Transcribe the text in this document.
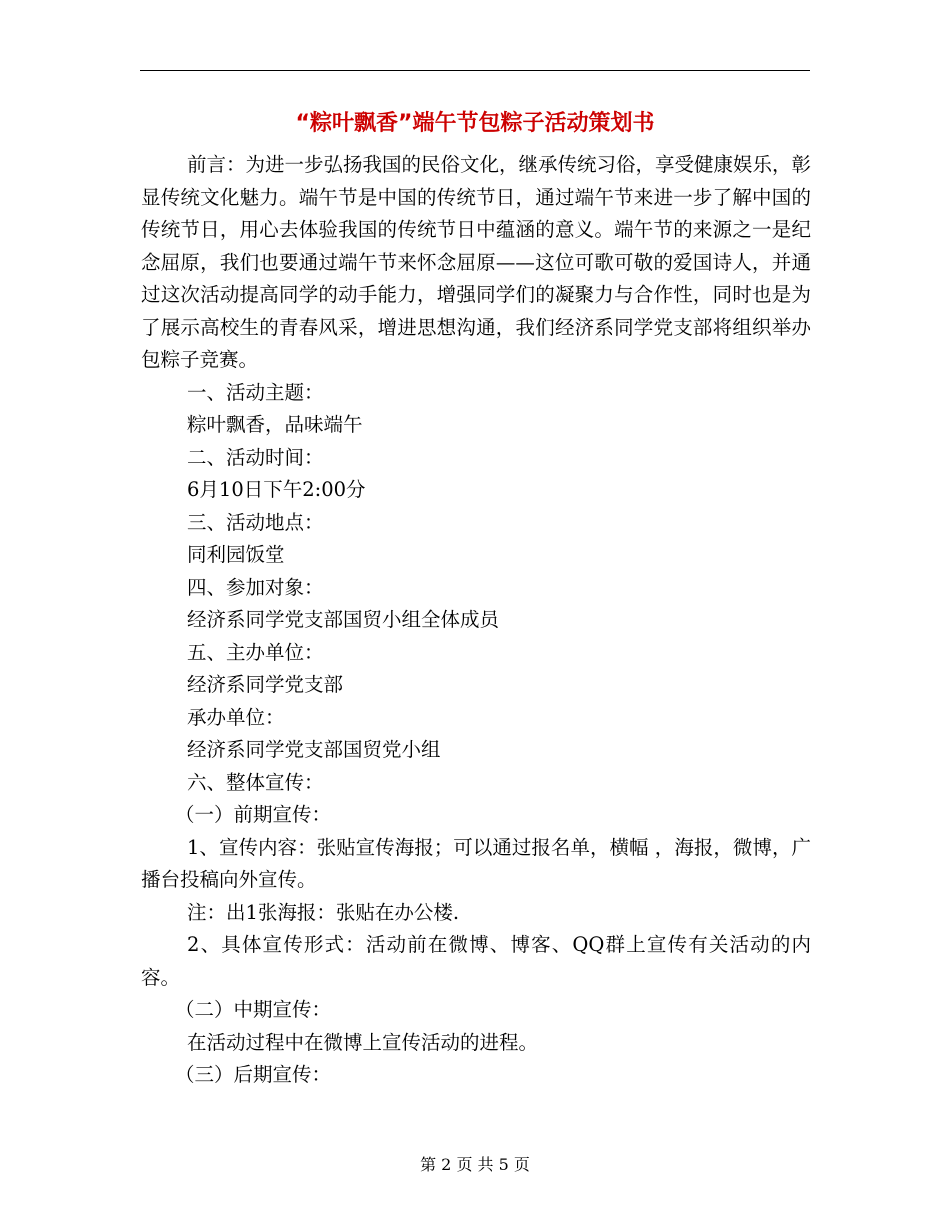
“粽叶飘香”端午节包粽子活动策划书

前言：为进一步弘扬我国的民俗文化，继承传统习俗，享受健康娱乐，彰显传统文化魅力。端午节是中国的传统节日，通过端午节来进一步了解中国的传统节日，用心去体验我国的传统节日中蕴涵的意义。端午节的来源之一是纪念屈原，我们也要通过端午节来怀念屈原——这位可歌可敬的爱国诗人，并通过这次活动提高同学的动手能力，增强同学们的凝聚力与合作性，同时也是为了展示高校生的青春风采，增进思想沟通，我们经济系同学党支部将组织举办包粽子竞赛。

一、活动主题：

粽叶飘香，品味端午

二、活动时间：

6月10日下午2:00分

三、活动地点：

同利园饭堂

四、参加对象：

经济系同学党支部国贸小组全体成员

五、主办单位：

经济系同学党支部

承办单位：

经济系同学党支部国贸党小组

六、整体宣传：

（一）前期宣传：

1、宣传内容：张贴宣传海报；可以通过报名单，横幅 ，海报，微博，广播台投稿向外宣传。

注：出1张海报：张贴在办公楼.

2、具体宣传形式：活动前在微博、博客、QQ群上宣传有关活动的内容。

（二）中期宣传：

在活动过程中在微博上宣传活动的进程。

（三）后期宣传：

第 2 页 共 5 页
